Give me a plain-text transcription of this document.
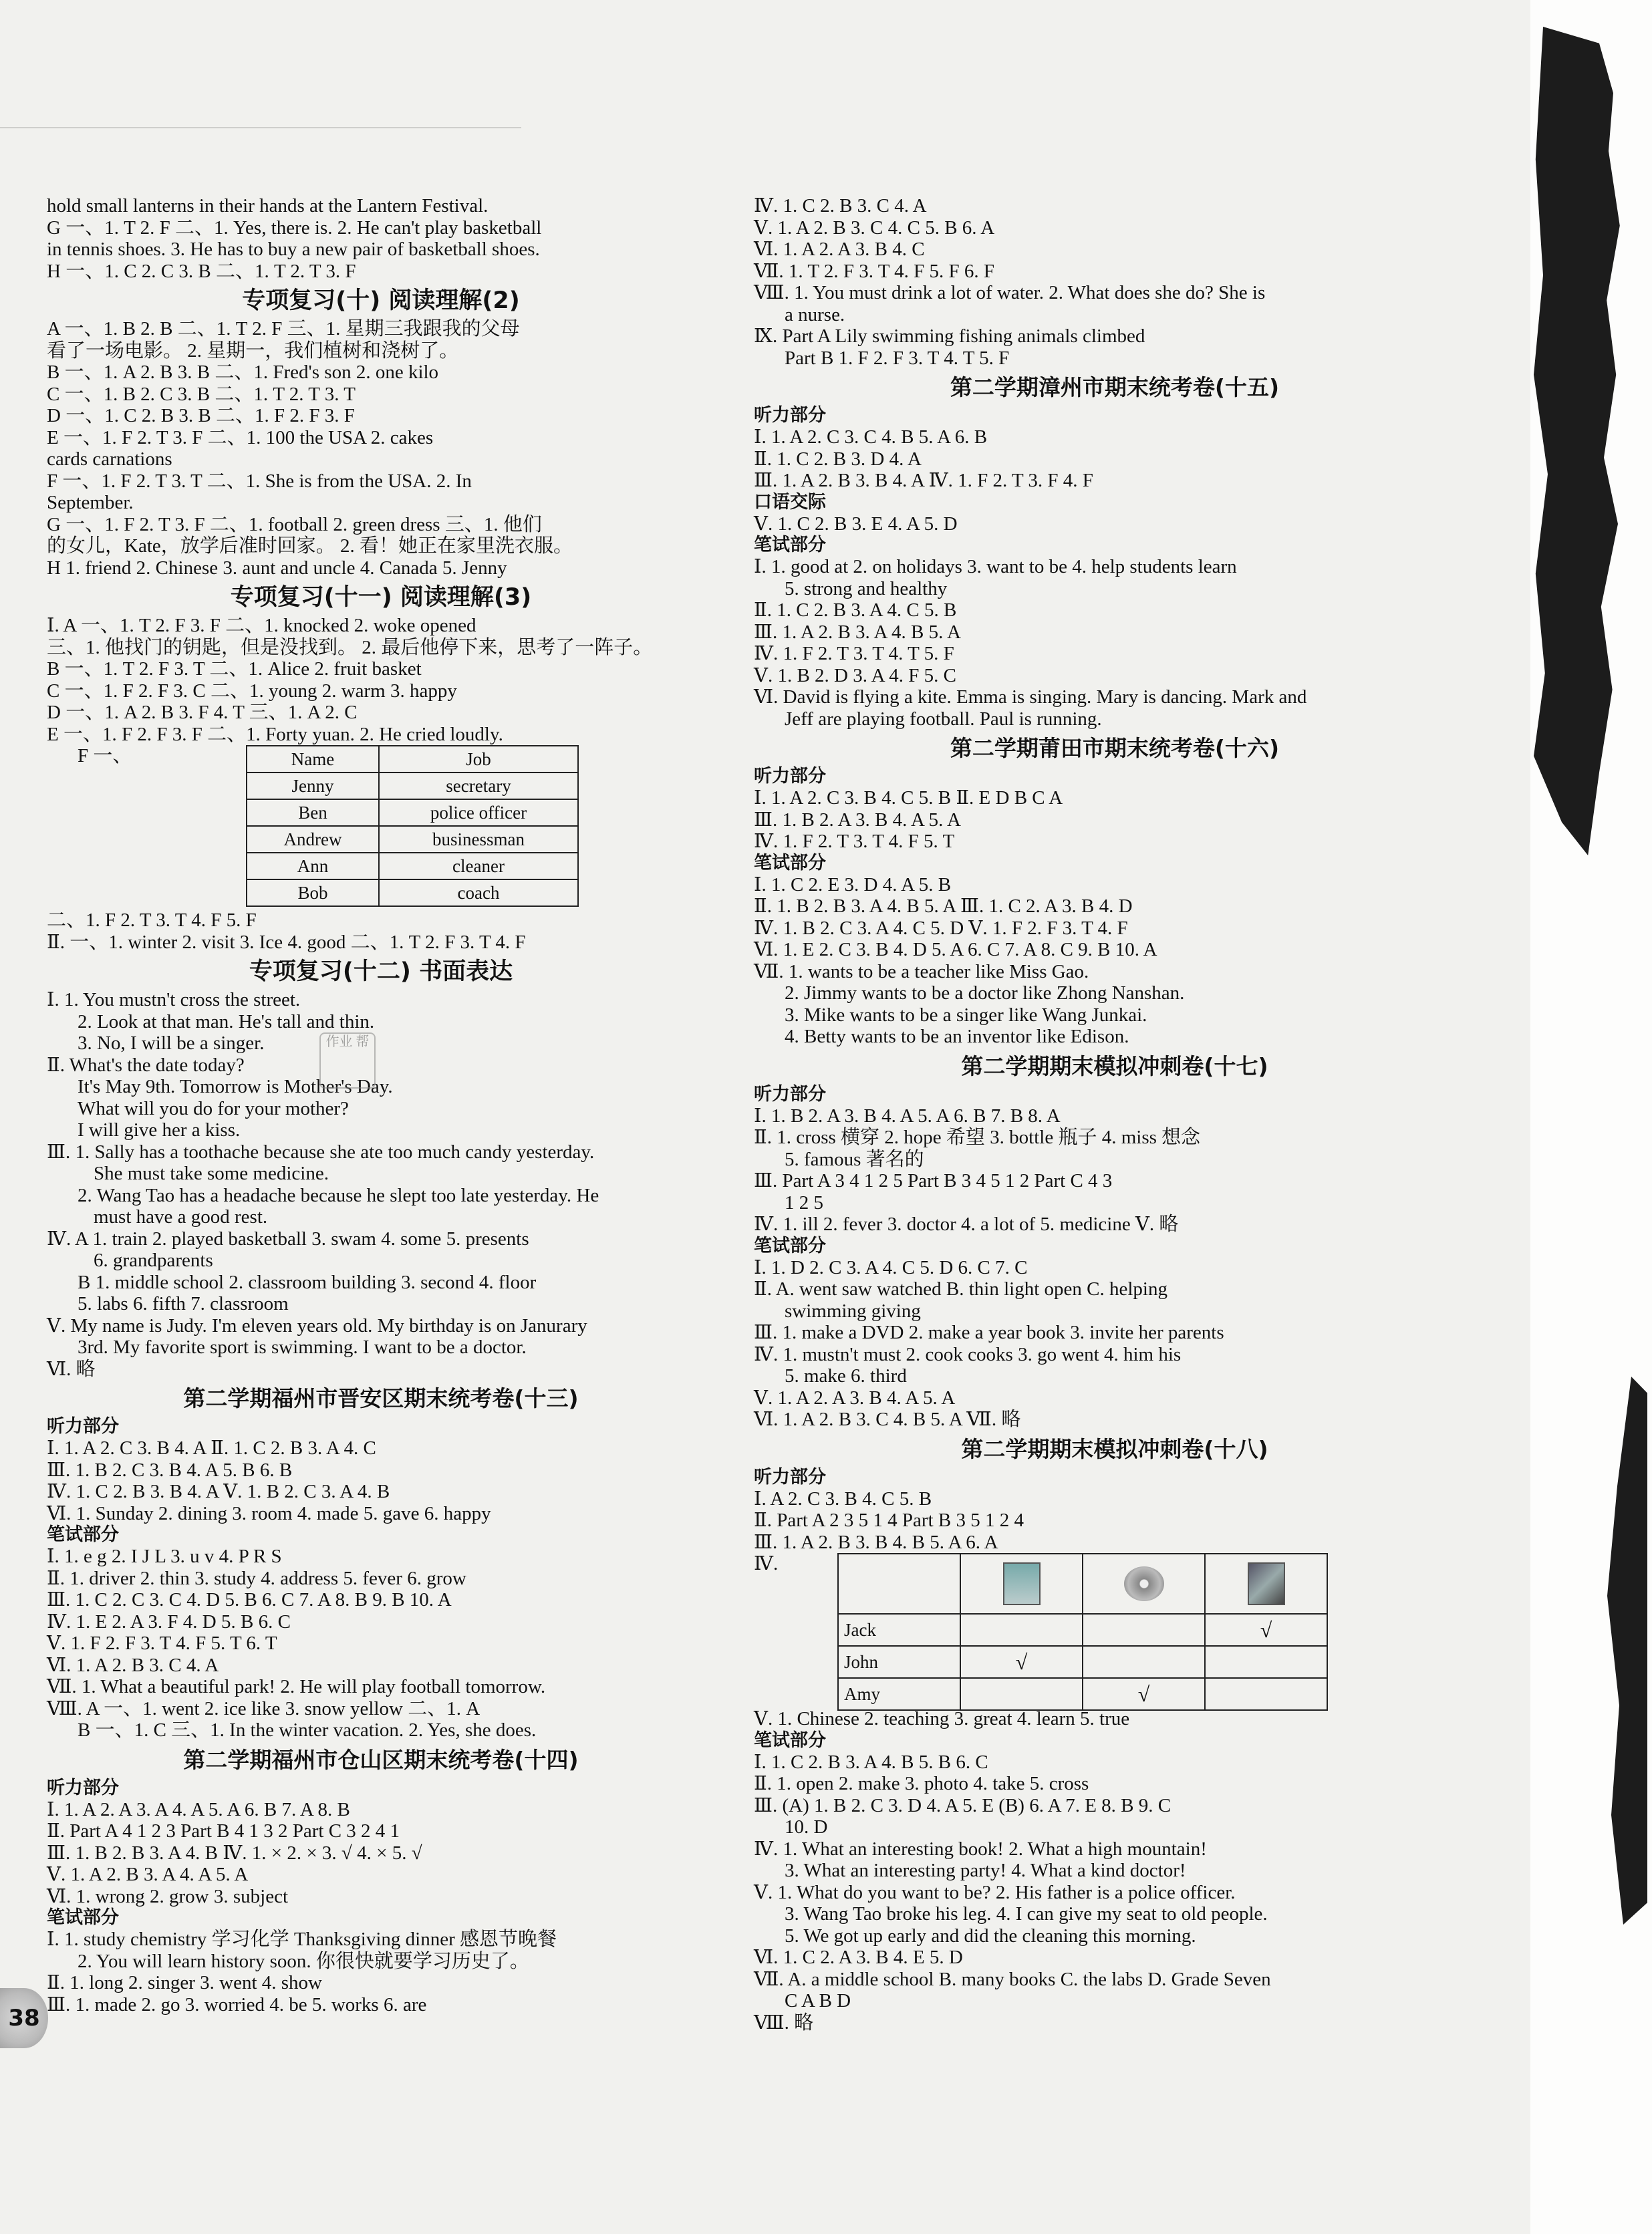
hold small lanterns in their hands at the Lantern Festival.
G 一、1. T 2. F 二、1. Yes, there is. 2. He can't play basketball
in tennis shoes. 3. He has to buy a new pair of basketball shoes.
H 一、1. C 2. C 3. B 二、1. T 2. T 3. F
专项复习(十) 阅读理解(2)
A 一、1. B 2. B 二、1. T 2. F 三、1. 星期三我跟我的父母
看了一场电影。 2. 星期一，我们植树和浇树了。
B 一、1. A 2. B 3. B 二、1. Fred's son 2. one kilo
C 一、1. B 2. C 3. B 二、1. T 2. T 3. T
D 一、1. C 2. B 3. B 二、1. F 2. F 3. F
E 一、1. F 2. T 3. F 二、1. 100 the USA 2. cakes
cards carnations
F 一、1. F 2. T 3. T 二、1. She is from the USA. 2. In
September.
G 一、1. F 2. T 3. F 二、1. football 2. green dress 三、1. 他们
的女儿，Kate，放学后准时回家。 2. 看！她正在家里洗衣服。
H 1. friend 2. Chinese 3. aunt and uncle 4. Canada 5. Jenny
专项复习(十一) 阅读理解(3)
Ⅰ. A 一、1. T 2. F 3. F 二、1. knocked 2. woke opened
三、1. 他找门的钥匙，但是没找到。 2. 最后他停下来，思考了一阵子。
B 一、1. T 2. F 3. T 二、1. Alice 2. fruit basket
C 一、1. F 2. F 3. C 二、1. young 2. warm 3. happy
D 一、1. A 2. B 3. F 4. T 三、1. A 2. C
E 一、1. F 2. F 3. F 二、1. Forty yuan. 2. He cried loudly.
F 一、	Name	Job
Jenny	secretary
Ben	police officer
Andrew	businessman
Ann	cleaner
Bob	coach
二、1. F 2. T 3. T 4. F 5. F
Ⅱ. 一、1. winter 2. visit 3. Ice 4. good 二、1. T 2. F 3. T 4. F
专项复习(十二) 书面表达
Ⅰ. 1. You mustn't cross the street.
2. Look at that man. He's tall and thin.
3. No, I will be a singer.
Ⅱ. What's the date today?
It's May 9th. Tomorrow is Mother's Day.
What will you do for your mother?
I will give her a kiss.
Ⅲ. 1. Sally has a toothache because she ate too much candy yesterday.
She must take some medicine.
2. Wang Tao has a headache because he slept too late yesterday. He
must have a good rest.
Ⅳ. A 1. train 2. played basketball 3. swam 4. some 5. presents
6. grandparents
B 1. middle school 2. classroom building 3. second 4. floor
5. labs 6. fifth 7. classroom
Ⅴ. My name is Judy. I'm eleven years old. My birthday is on Janurary
3rd. My favorite sport is swimming. I want to be a doctor.
Ⅵ. 略
第二学期福州市晋安区期末统考卷(十三)
听力部分
Ⅰ. 1. A 2. C 3. B 4. A Ⅱ. 1. C 2. B 3. A 4. C
Ⅲ. 1. B 2. C 3. B 4. A 5. B 6. B
Ⅳ. 1. C 2. B 3. B 4. A Ⅴ. 1. B 2. C 3. A 4. B
Ⅵ. 1. Sunday 2. dining 3. room 4. made 5. gave 6. happy
笔试部分
Ⅰ. 1. e g 2. I J L 3. u v 4. P R S
Ⅱ. 1. driver 2. thin 3. study 4. address 5. fever 6. grow
Ⅲ. 1. C 2. C 3. C 4. D 5. B 6. C 7. A 8. B 9. B 10. A
Ⅳ. 1. E 2. A 3. F 4. D 5. B 6. C
Ⅴ. 1. F 2. F 3. T 4. F 5. T 6. T
Ⅵ. 1. A 2. B 3. C 4. A
Ⅶ. 1. What a beautiful park! 2. He will play football tomorrow.
Ⅷ. A 一、1. went 2. ice like 3. snow yellow 二、1. A
B 一、1. C 三、1. In the winter vacation. 2. Yes, she does.
第二学期福州市仓山区期末统考卷(十四)
听力部分
Ⅰ. 1. A 2. A 3. A 4. A 5. A 6. B 7. A 8. B
Ⅱ. Part A 4 1 2 3 Part B 4 1 3 2 Part C 3 2 4 1
Ⅲ. 1. B 2. B 3. A 4. B Ⅳ. 1. × 2. × 3. √ 4. × 5. √
Ⅴ. 1. A 2. B 3. A 4. A 5. A
Ⅵ. 1. wrong 2. grow 3. subject
笔试部分
Ⅰ. 1. study chemistry 学习化学 Thanksgiving dinner 感恩节晚餐
2. You will learn history soon. 你很快就要学习历史了。
Ⅱ. 1. long 2. singer 3. went 4. show
Ⅲ. 1. made 2. go 3. worried 4. be 5. works 6. are
Ⅳ. 1. C 2. B 3. C 4. A
Ⅴ. 1. A 2. B 3. C 4. C 5. B 6. A
Ⅵ. 1. A 2. A 3. B 4. C
Ⅶ. 1. T 2. F 3. T 4. F 5. F 6. F
Ⅷ. 1. You must drink a lot of water. 2. What does she do? She is
a nurse.
Ⅸ. Part A Lily swimming fishing animals climbed
Part B 1. F 2. F 3. T 4. T 5. F
第二学期漳州市期末统考卷(十五)
听力部分
Ⅰ. 1. A 2. C 3. C 4. B 5. A 6. B
Ⅱ. 1. C 2. B 3. D 4. A
Ⅲ. 1. A 2. B 3. B 4. A Ⅳ. 1. F 2. T 3. F 4. F
口语交际
Ⅴ. 1. C 2. B 3. E 4. A 5. D
笔试部分
Ⅰ. 1. good at 2. on holidays 3. want to be 4. help students learn
5. strong and healthy
Ⅱ. 1. C 2. B 3. A 4. C 5. B
Ⅲ. 1. A 2. B 3. A 4. B 5. A
Ⅳ. 1. F 2. T 3. T 4. T 5. F
Ⅴ. 1. B 2. D 3. A 4. F 5. C
Ⅵ. David is flying a kite. Emma is singing. Mary is dancing. Mark and
Jeff are playing football. Paul is running.
第二学期莆田市期末统考卷(十六)
听力部分
Ⅰ. 1. A 2. C 3. B 4. C 5. B Ⅱ. E D B C A
Ⅲ. 1. B 2. A 3. B 4. A 5. A
Ⅳ. 1. F 2. T 3. T 4. F 5. T
笔试部分
Ⅰ. 1. C 2. E 3. D 4. A 5. B
Ⅱ. 1. B 2. B 3. A 4. B 5. A Ⅲ. 1. C 2. A 3. B 4. D
Ⅳ. 1. B 2. C 3. A 4. C 5. D Ⅴ. 1. F 2. F 3. T 4. F
Ⅵ. 1. E 2. C 3. B 4. D 5. A 6. C 7. A 8. C 9. B 10. A
Ⅶ. 1. wants to be a teacher like Miss Gao.
2. Jimmy wants to be a doctor like Zhong Nanshan.
3. Mike wants to be a singer like Wang Junkai.
4. Betty wants to be an inventor like Edison.
第二学期期末模拟冲刺卷(十七)
听力部分
Ⅰ. 1. B 2. A 3. B 4. A 5. A 6. B 7. B 8. A
Ⅱ. 1. cross 横穿 2. hope 希望 3. bottle 瓶子 4. miss 想念
5. famous 著名的
Ⅲ. Part A 3 4 1 2 5 Part B 3 4 5 1 2 Part C 4 3
1 2 5
Ⅳ. 1. ill 2. fever 3. doctor 4. a lot of 5. medicine Ⅴ. 略
笔试部分
Ⅰ. 1. D 2. C 3. A 4. C 5. D 6. C 7. C
Ⅱ. A. went saw watched B. thin light open C. helping
swimming giving
Ⅲ. 1. make a DVD 2. make a year book 3. invite her parents
Ⅳ. 1. mustn't must 2. cook cooks 3. go went 4. him his
5. make 6. third
Ⅴ. 1. A 2. A 3. B 4. A 5. A
Ⅵ. 1. A 2. B 3. C 4. B 5. A Ⅶ. 略
第二学期期末模拟冲刺卷(十八)
听力部分
Ⅰ. A 2. C 3. B 4. C 5. B
Ⅱ. Part A 2 3 5 1 4 Part B 3 5 1 2 4
Ⅲ. 1. A 2. B 3. B 4. B 5. A 6. A
Ⅳ.

Jack			√
John	√		
Amy		√	
Ⅴ. 1. Chinese 2. teaching 3. great 4. learn 5. true
笔试部分
Ⅰ. 1. C 2. B 3. A 4. B 5. B 6. C
Ⅱ. 1. open 2. make 3. photo 4. take 5. cross
Ⅲ. (A) 1. B 2. C 3. D 4. A 5. E (B) 6. A 7. E 8. B 9. C
10. D
Ⅳ. 1. What an interesting book! 2. What a high mountain!
3. What an interesting party! 4. What a kind doctor!
Ⅴ. 1. What do you want to be? 2. His father is a police officer.
3. Wang Tao broke his leg. 4. I can give my seat to old people.
5. We got up early and did the cleaning this morning.
Ⅵ. 1. C 2. A 3. B 4. E 5. D
Ⅶ. A. a middle school B. many books C. the labs D. Grade Seven
C A B D
Ⅷ. 略
作业 帮
38
